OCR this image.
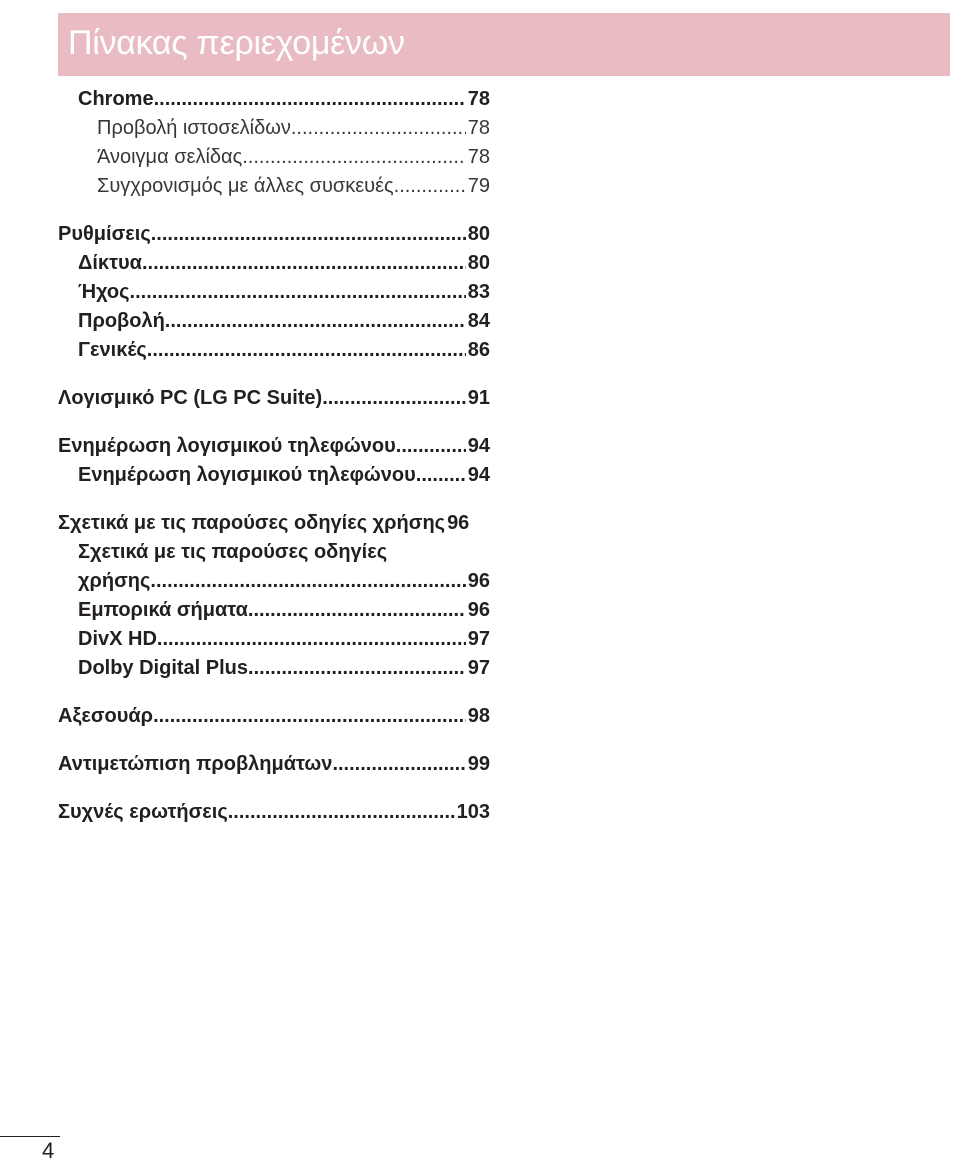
Πίνακας περιεχομένων
Chrome .....	78
Προβολή ιστοσελίδων .....	78
Άνοιγμα σελίδας .....	78
Συγχρονισμός με άλλες συσκευές .....	79
Ρυθμίσεις .....	80
Δίκτυα .....	80
Ήχος .....	83
Προβολή .....	84
Γενικές .....	86
Λογισμικό PC (LG PC Suite) .....	91
Ενημέρωση λογισμικού τηλεφώνου .....	94
Ενημέρωση λογισμικού τηλεφώνου .....	94
Σχετικά με τις παρούσες οδηγίες χρήσης 96
Σχετικά με τις παρούσες οδηγίες
χρήσης .....	96
Εμπορικά σήματα .....	96
DivX HD .....	97
Dolby Digital Plus .....	97
Αξεσουάρ .....	98
Αντιμετώπιση προβλημάτων .....	99
Συχνές ερωτήσεις .....	103
4
